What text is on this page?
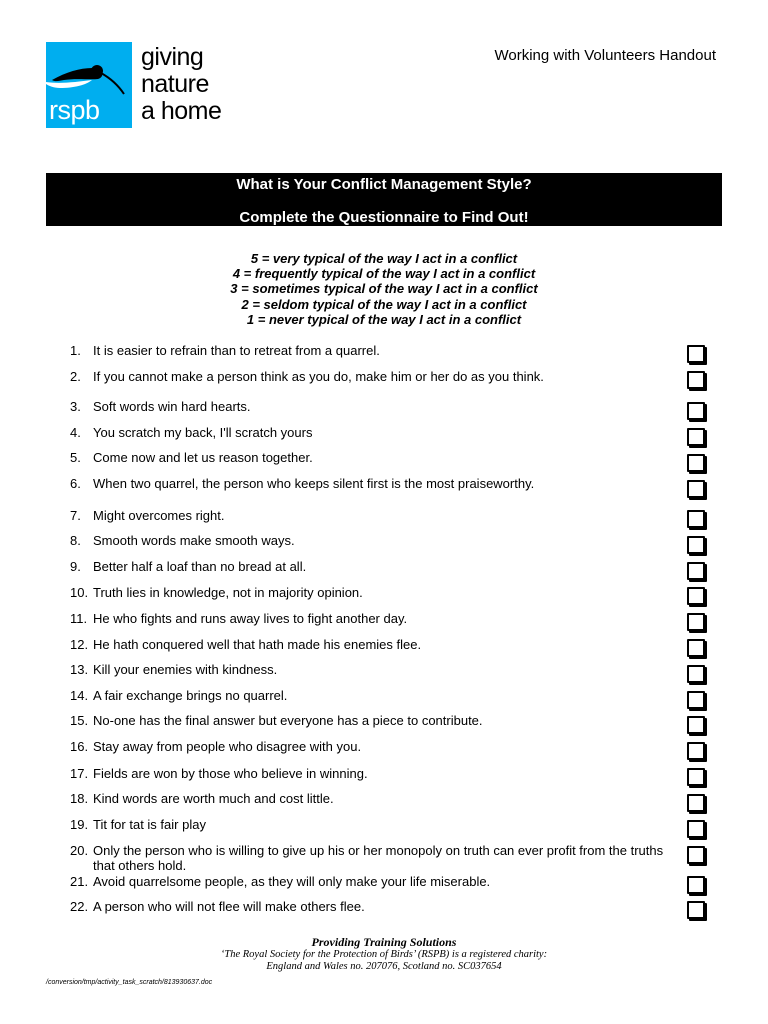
rspb
giving
nature
a home
Working with Volunteers Handout
What is Your Conflict Management Style?
Complete the Questionnaire to Find Out!
5 = very typical of the way I act in a conflict
4 = frequently typical of the way I act in a conflict
3 = sometimes typical of the way I act in a conflict
2 = seldom typical of the way I act in a conflict
1 = never typical of the way I act in a conflict
1. It is easier to refrain than to retreat from a quarrel.
2. If you cannot make a person think as you do, make him or her do as you think.
3. Soft words win hard hearts.
4. You scratch my back, I'll scratch yours
5. Come now and let us reason together.
6. When two quarrel, the person who keeps silent first is the most praiseworthy.
7. Might overcomes right.
8. Smooth words make smooth ways.
9. Better half a loaf than no bread at all.
10. Truth lies in knowledge, not in majority opinion.
11. He who fights and runs away lives to fight another day.
12. He hath conquered well that hath made his enemies flee.
13. Kill your enemies with kindness.
14. A fair exchange brings no quarrel.
15. No-one has the final answer but everyone has a piece to contribute.
16. Stay away from people who disagree with you.
17. Fields are won by those who believe in winning.
18. Kind words are worth much and cost little.
19. Tit for tat is fair play
20. Only the person who is willing to give up his or her monopoly on truth can ever profit from the truths that others hold.
21. Avoid quarrelsome people, as they will only make your life miserable.
22. A person who will not flee will make others flee.
Providing Training Solutions
‘The Royal Society for the Protection of Birds’ (RSPB) is a registered charity:
England and Wales no. 207076, Scotland no. SC037654
/conversion/tmp/activity_task_scratch/813930637.doc
